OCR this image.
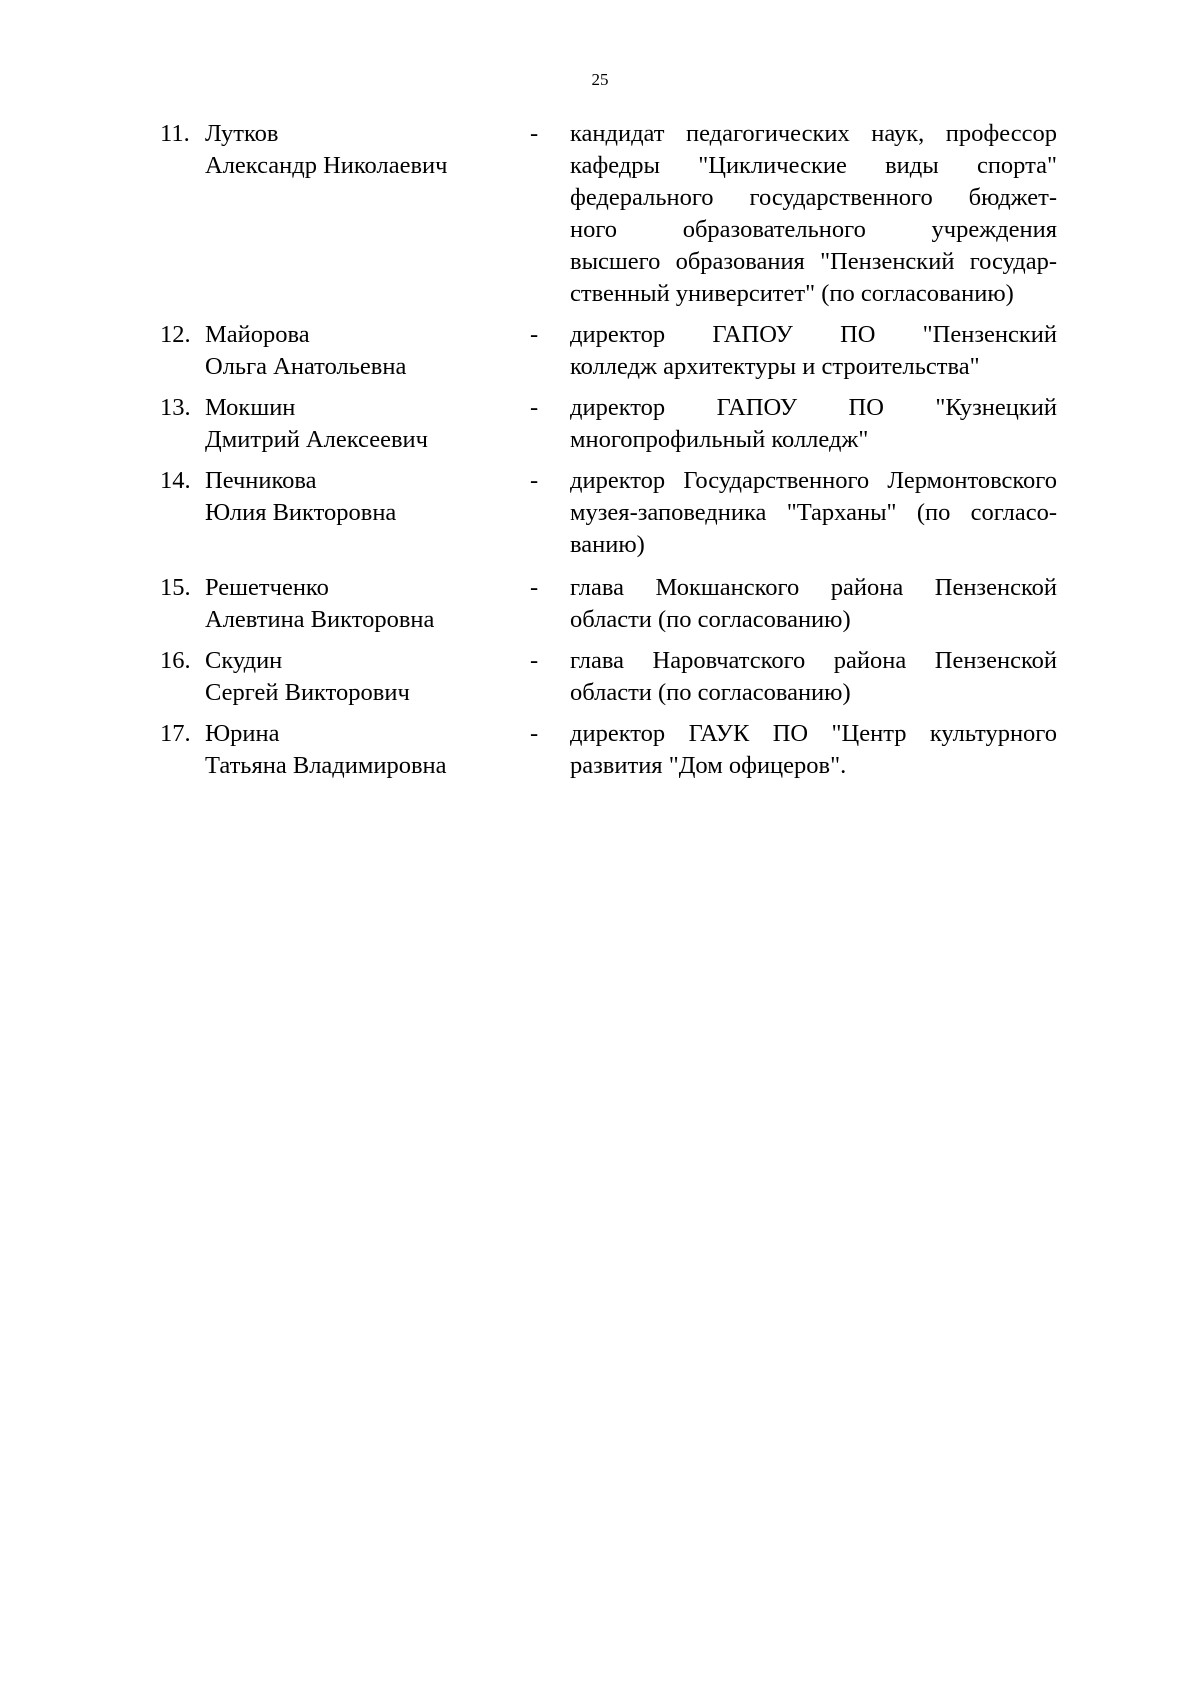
25
11. Лутков
Александр Николаевич
-	кандидат педагогических наук, профессор
кафедры "Циклические виды спорта"
федерального государственного бюджет-
ного образовательного учреждения
высшего образования "Пензенский государ-
ственный университет" (по согласованию)
12. Майорова
Ольга Анатольевна
-	директор ГАПОУ ПО "Пензенский
колледж архитектуры и строительства"
13. Мокшин
Дмитрий Алексеевич
-	директор ГАПОУ ПО "Кузнецкий
многопрофильный колледж"
14. Печникова
Юлия Викторовна
-	директор Государственного Лермонтовского
музея-заповедника "Тарханы" (по согласо-
ванию)
15. Решетченко
Алевтина Викторовна
-	глава Мокшанского района Пензенской
области (по согласованию)
16. Скудин
Сергей Викторович
-	глава Наровчатского района Пензенской
области (по согласованию)
17. Юрина
Татьяна Владимировна
-	директор ГАУК ПО "Центр культурного
развития "Дом офицеров".
